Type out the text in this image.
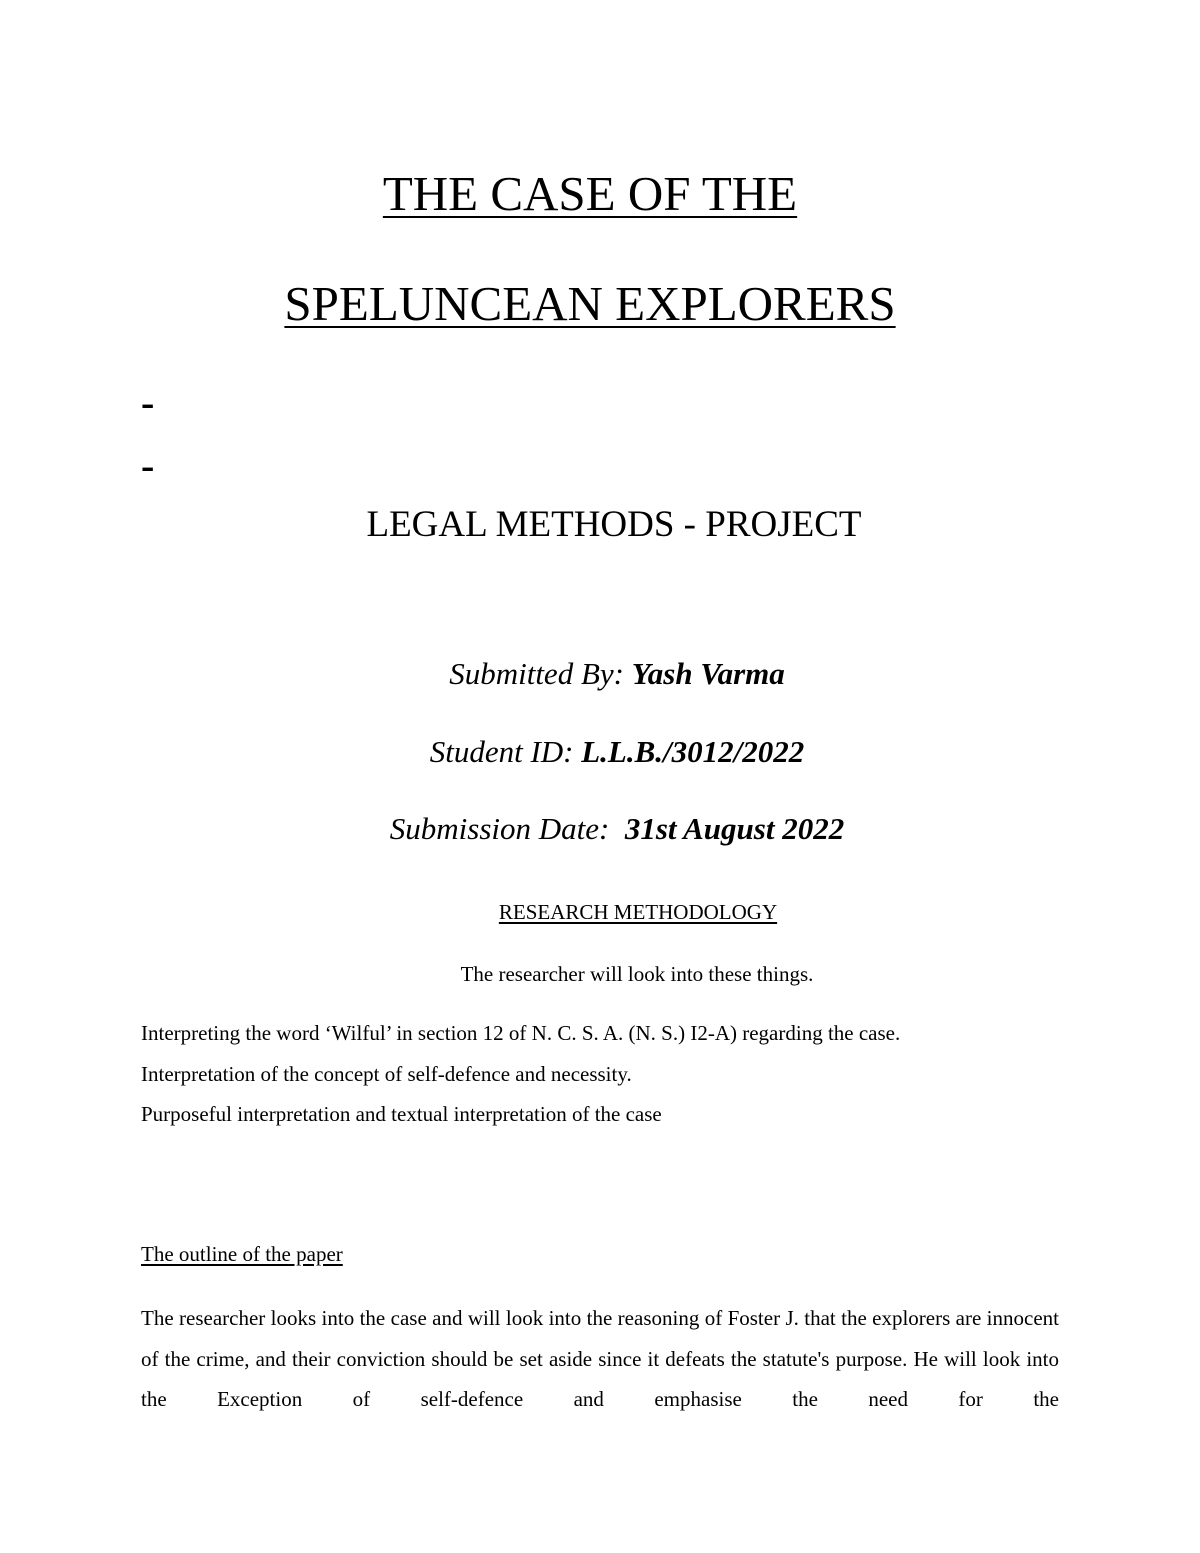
THE CASE OF THE
SPELUNCEAN EXPLORERS
-
-
LEGAL METHODS - PROJECT
Submitted By: Yash Varma
Student ID: L.L.B./3012/2022
Submission Date:  31st August 2022
RESEARCH METHODOLOGY
The researcher will look into these things.
Interpreting the word ‘Wilful’ in section 12 of N. C. S. A. (N. S.) I2-A) regarding the case.
Interpretation of the concept of self-defence and necessity.
Purposeful interpretation and textual interpretation of the case
The outline of the paper
The researcher looks into the case and will look into the reasoning of Foster J. that the explorers are innocent of the crime, and their conviction should be set aside since it defeats the statute's purpose. He will look into the Exception of self-defence and emphasise the need for the
